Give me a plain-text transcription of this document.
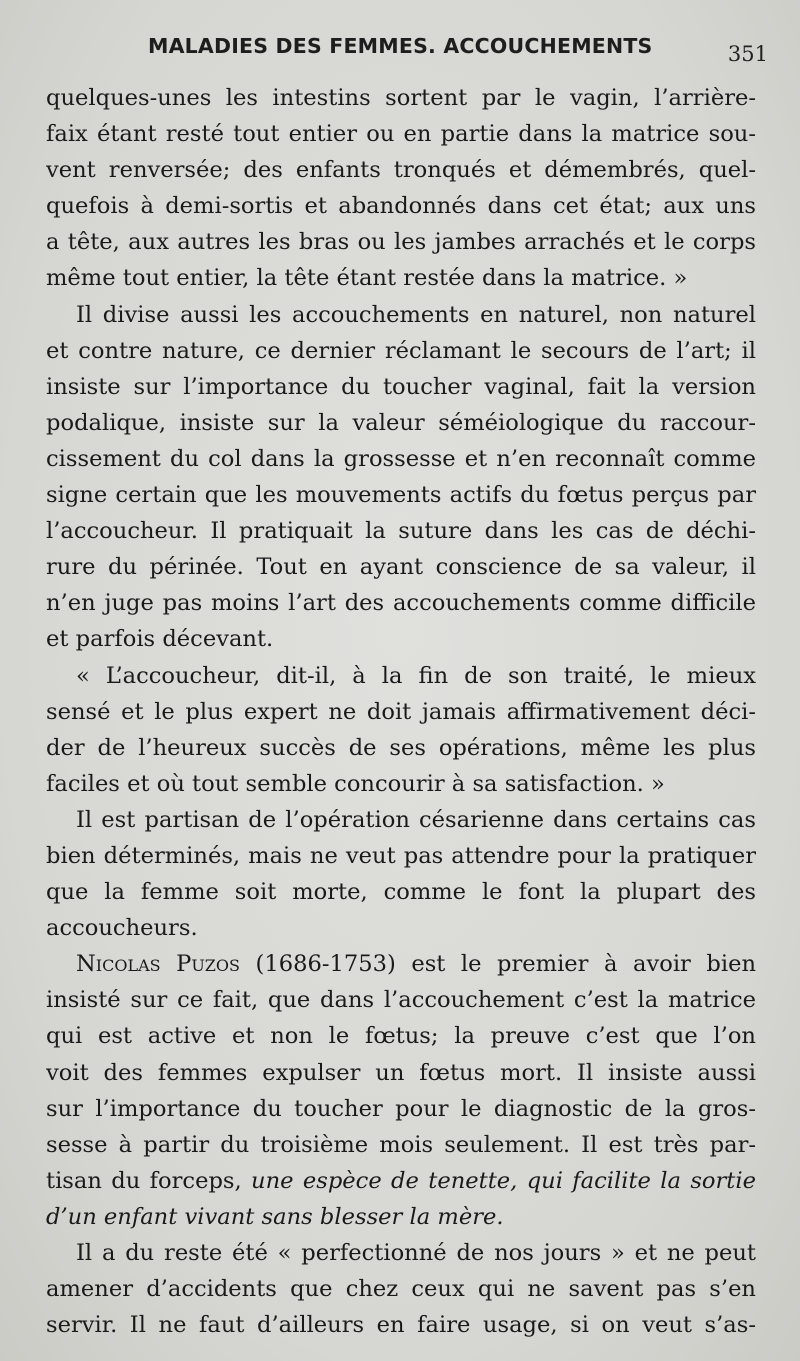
MALADIES DES FEMMES. ACCOUCHEMENTS	351
quelques-unes les intestins sortent par le vagin, l’arrière-
faix étant resté tout entier ou en partie dans la matrice sou-
vent renversée; des enfants tronqués et démembrés, quel-
quefois à demi-sortis et abandonnés dans cet état; aux uns
a tête, aux autres les bras ou les jambes arrachés et le corps
même tout entier, la tête étant restée dans la matrice. »
Il divise aussi les accouchements en naturel, non naturel
et contre nature, ce dernier réclamant le secours de l’art; il
insiste sur l’importance du toucher vaginal, fait la version
podalique, insiste sur la valeur séméiologique du raccour-
cissement du col dans la grossesse et n’en reconnaît comme
signe certain que les mouvements actifs du fœtus perçus par
l’accoucheur. Il pratiquait la suture dans les cas de déchi-
rure du périnée. Tout en ayant conscience de sa valeur, il
n’en juge pas moins l’art des accouchements comme difficile
et parfois décevant.
« L’accoucheur, dit-il, à la fin de son traité, le mieux
sensé et le plus expert ne doit jamais affirmativement déci-
der de l’heureux succès de ses opérations, même les plus
faciles et où tout semble concourir à sa satisfaction. »
Il est partisan de l’opération césarienne dans certains cas
bien déterminés, mais ne veut pas attendre pour la pratiquer
que la femme soit morte, comme le font la plupart des
accoucheurs.
Nicolas Puzos (1686-1753) est le premier à avoir bien
insisté sur ce fait, que dans l’accouchement c’est la matrice
qui est active et non le fœtus; la preuve c’est que l’on
voit des femmes expulser un fœtus mort. Il insiste aussi
sur l’importance du toucher pour le diagnostic de la gros-
sesse à partir du troisième mois seulement. Il est très par-
tisan du forceps, une espèce de tenette, qui facilite la sortie
d’un enfant vivant sans blesser la mère.
Il a du reste été « perfectionné de nos jours » et ne peut
amener d’accidents que chez ceux qui ne savent pas s’en
servir. Il ne faut d’ailleurs en faire usage, si on veut s’as-
